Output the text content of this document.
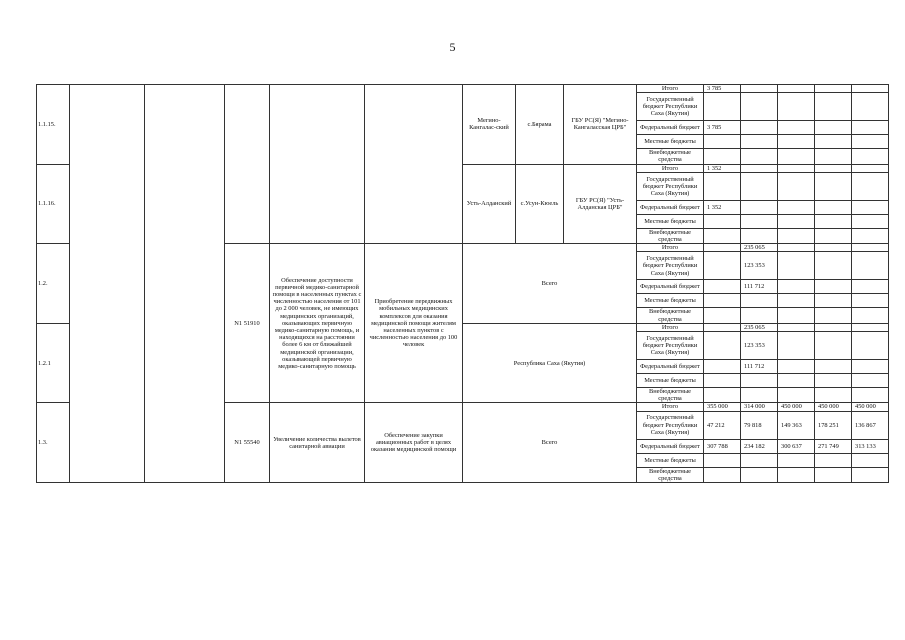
5
1.1.15.						Мегино-Кангалас-ский	с.Бярама	ГБУ РС(Я) "Мегино-Кангаласская ЦРБ"	Итого	3 785				
									Государственный бюджет Республики Саха (Якутия)					
									Федеральный бюджет	3 785				
									Местные бюджеты					
									Внебюджетные средства					
1.1.16.						Усть-Алданский	с.Усун-Кюель	ГБУ РС(Я) "Усть-Алданская ЦРБ"	Итого	1 352				
									Государственный бюджет Республики Саха (Якутия)					
									Федеральный бюджет	1 352				
									Местные бюджеты					
									Внебюджетные средства					
1.2.			N1 51910	Обеспечение доступности первичной медико-санитарной помощи в населенных пунктах с численностью населения от 101 до 2 000 человек, не имеющих медицинских организаций, оказывающих первичную медико-санитарную помощь, и находящихся на расстоянии более 6 км от ближайшей медицинской организации, оказывающей первичную медико-санитарную помощь	Приобретение передвижных мобильных медицинских комплексов для оказания медицинской помощи жителям населенных пунктов с численностью населения до 100 человек	Всего			Итого		235 065			
									Государственный бюджет Республики Саха (Якутия)		123 353			
									Федеральный бюджет		111 712			
									Местные бюджеты					
									Внебюджетные средства					
1.2.1						Республика Саха (Якутия)			Итого		235 065			
									Государственный бюджет Республики Саха (Якутия)		123 353			
									Федеральный бюджет		111 712			
									Местные бюджеты					
									Внебюджетные средства					
1.3.			N1 55540	Увеличение количества вылетов санитарной авиации	Обеспечение закупки авиационных работ в целях оказания медицинской помощи	Всего			Итого	355 000	314 000	450 000	450 000	450 000
									Государственный бюджет Республики Саха (Якутия)	47 212	79 818	149 363	178 251	136 867
									Федеральный бюджет	307 788	234 182	300 637	271 749	313 133
									Местные бюджеты					
									Внебюджетные средства					
